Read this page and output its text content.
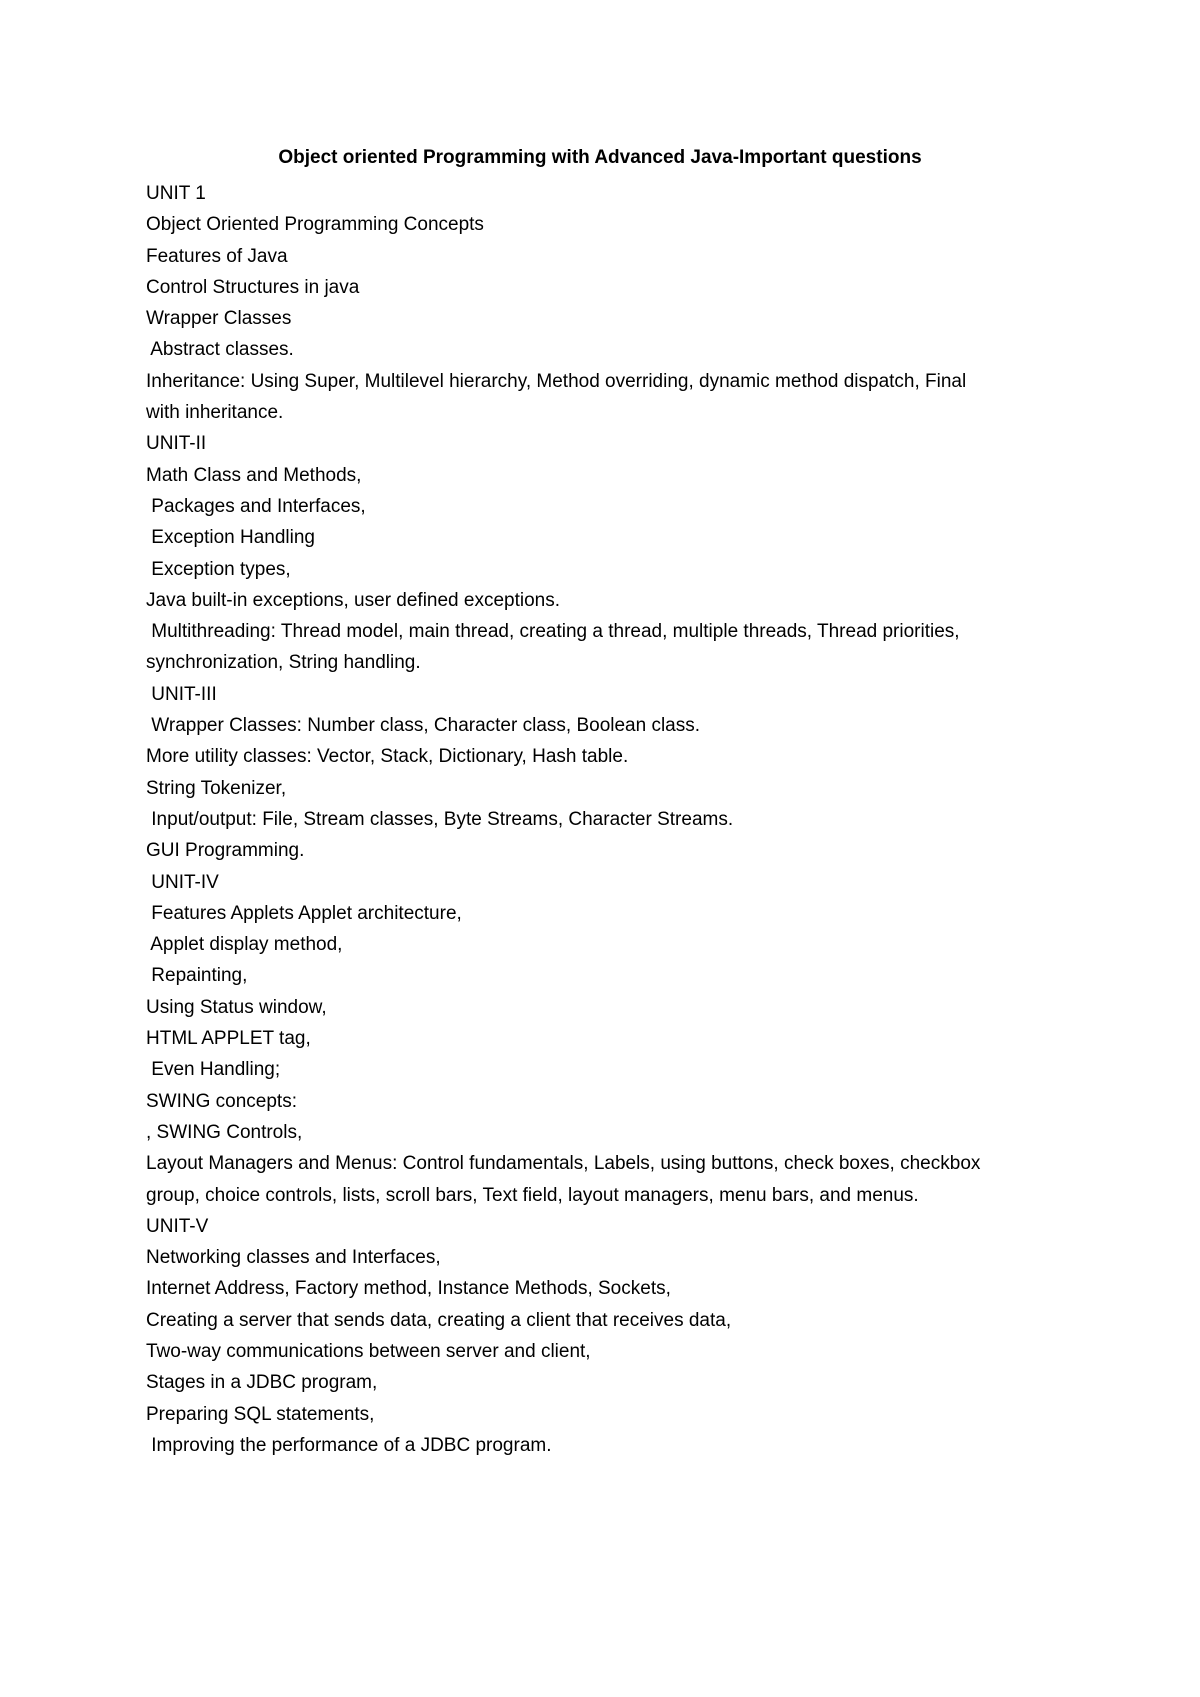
Object oriented Programming with Advanced Java-Important questions
UNIT 1
Object Oriented Programming Concepts
Features of Java
Control Structures in java
Wrapper Classes
Abstract classes.
Inheritance: Using Super, Multilevel hierarchy, Method overriding, dynamic method dispatch, Final
with inheritance.
UNIT-II
Math Class and Methods,
Packages and Interfaces,
Exception Handling
Exception types,
Java built-in exceptions, user defined exceptions.
Multithreading: Thread model, main thread, creating a thread, multiple threads, Thread priorities,
synchronization, String handling.
UNIT-III
Wrapper Classes: Number class, Character class, Boolean class.
More utility classes: Vector, Stack, Dictionary, Hash table.
String Tokenizer,
Input/output: File, Stream classes, Byte Streams, Character Streams.
GUI Programming.
UNIT-IV
Features Applets Applet architecture,
Applet display method,
Repainting,
Using Status window,
HTML APPLET tag,
Even Handling;
SWING concepts:
, SWING Controls,
Layout Managers and Menus: Control fundamentals, Labels, using buttons, check boxes, checkbox
group, choice controls, lists, scroll bars, Text field, layout managers, menu bars, and menus.
UNIT-V
Networking classes and Interfaces,
Internet Address, Factory method, Instance Methods, Sockets,
Creating a server that sends data, creating a client that receives data,
Two-way communications between server and client,
Stages in a JDBC program,
Preparing SQL statements,
Improving the performance of a JDBC program.
